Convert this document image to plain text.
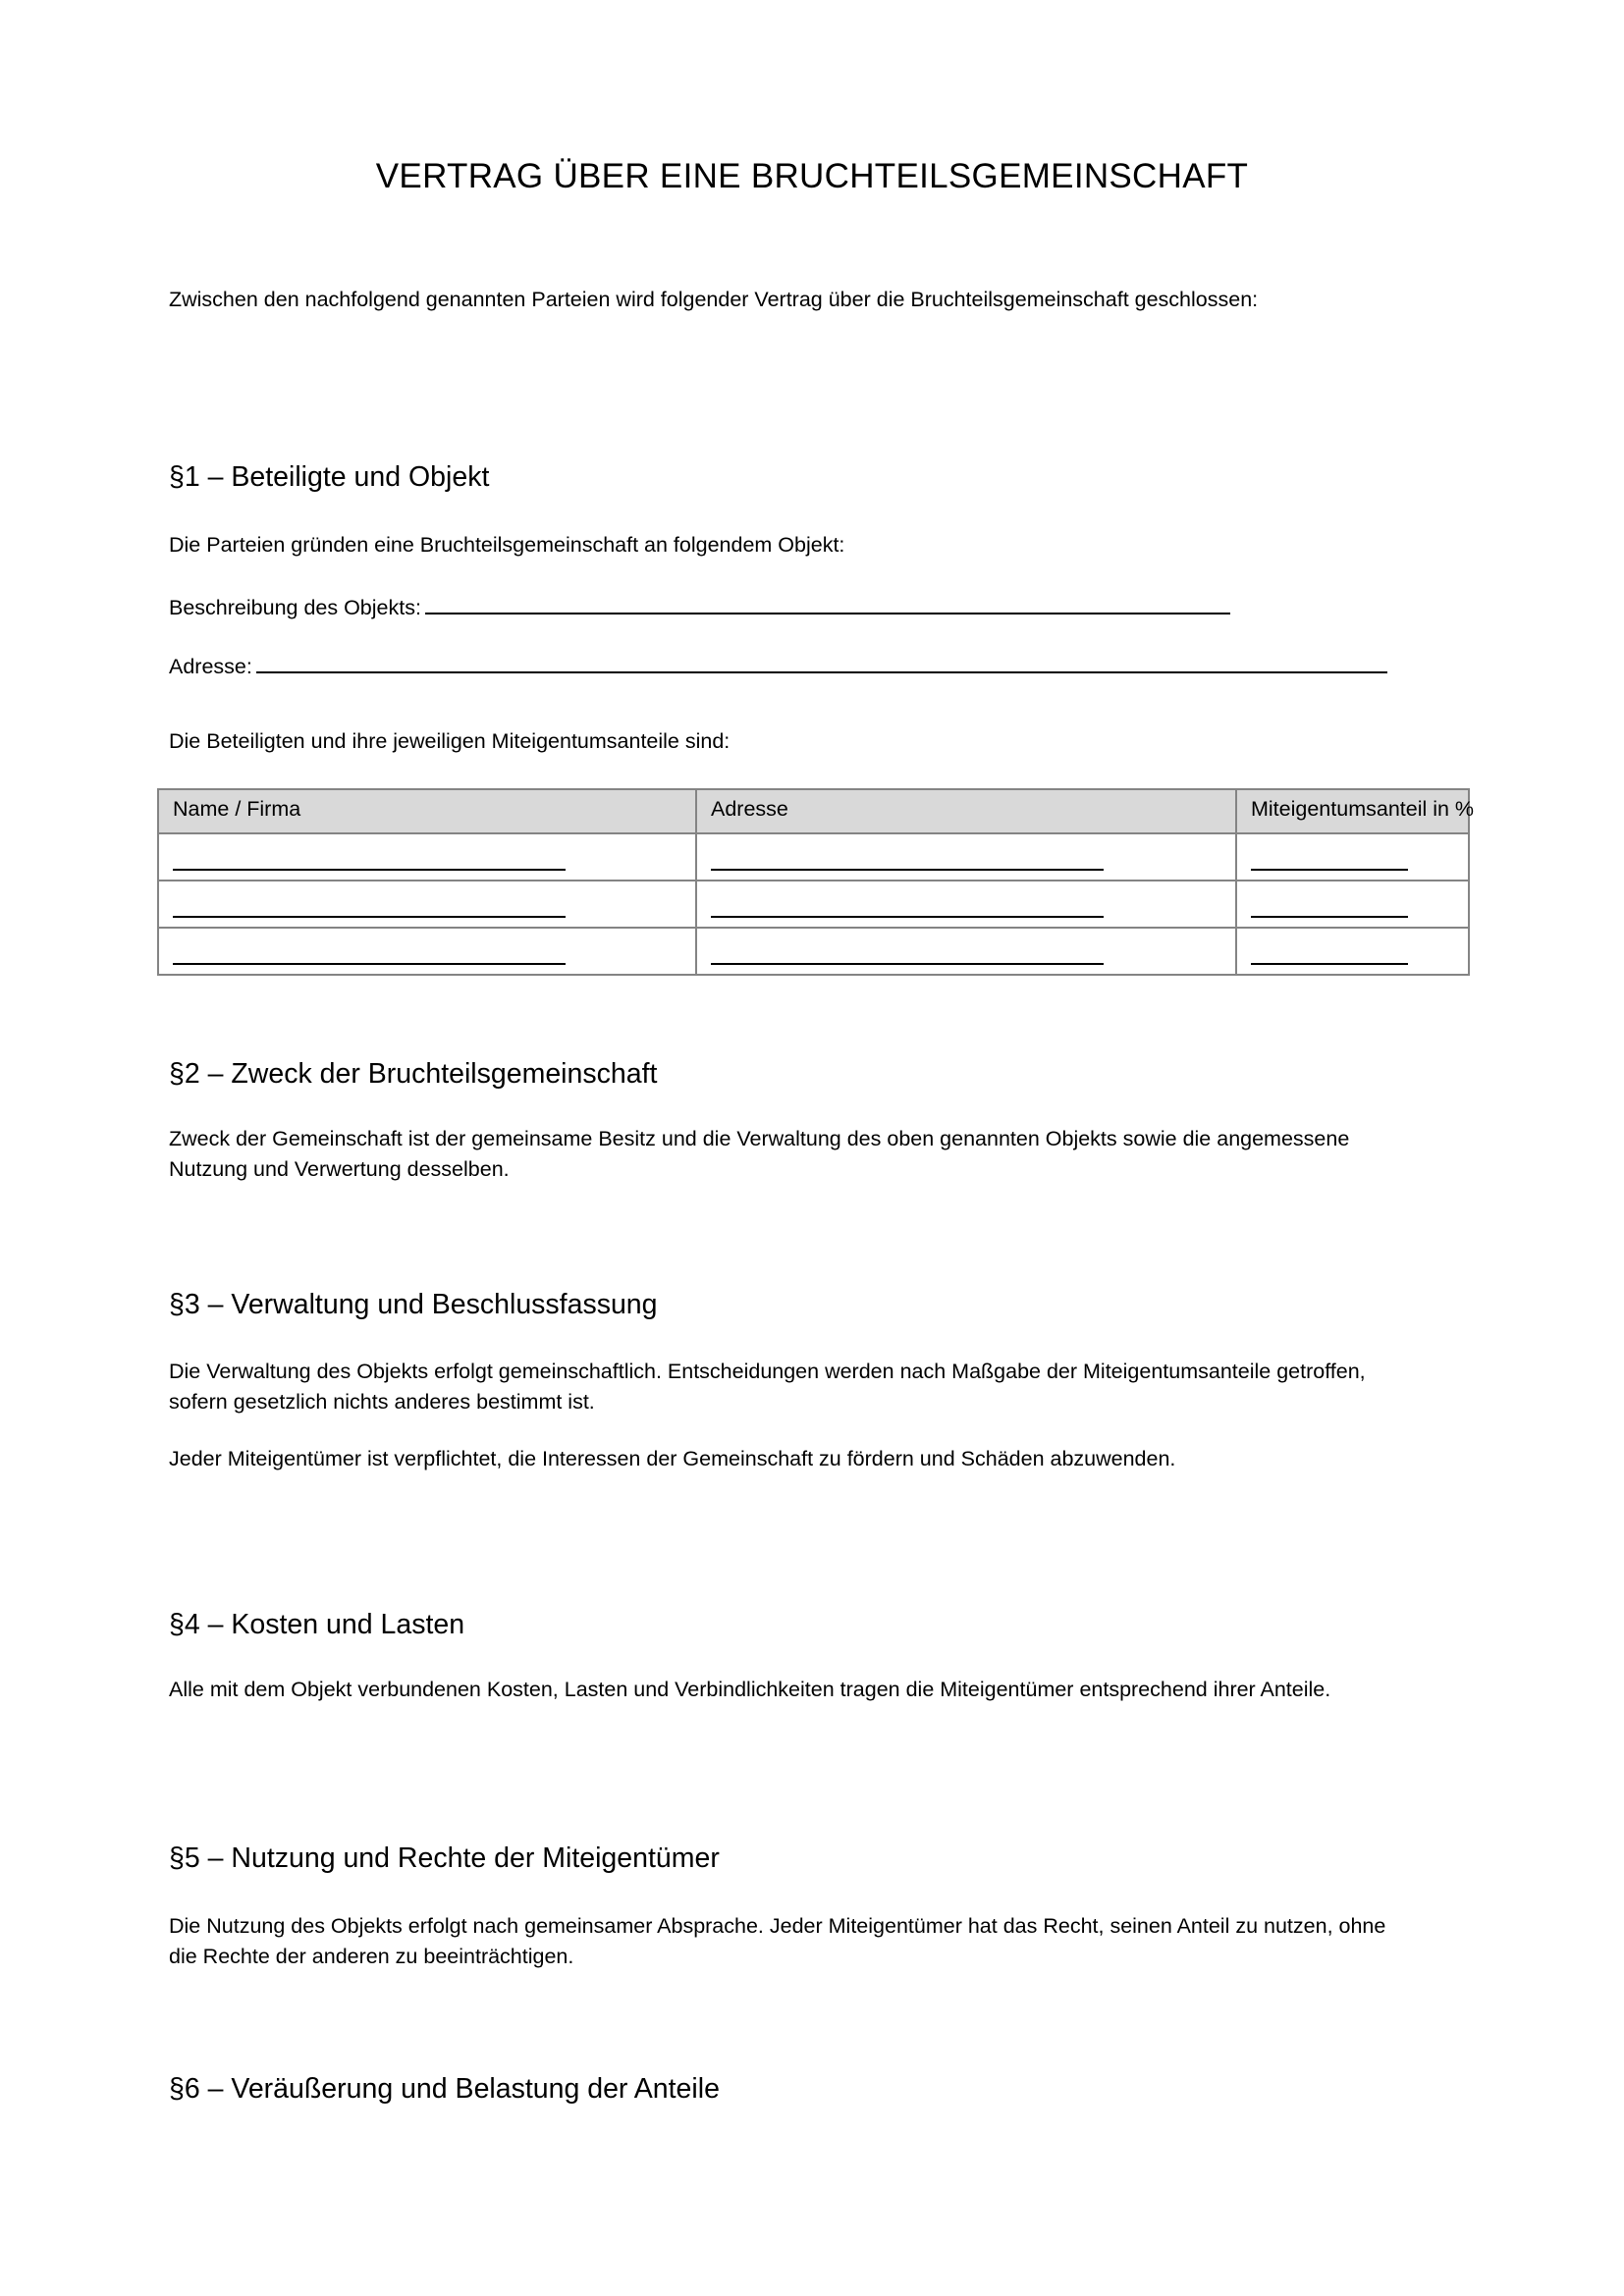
VERTRAG ÜBER EINE BRUCHTEILSGEMEINSCHAFT
Zwischen den nachfolgend genannten Parteien wird folgender Vertrag über die Bruchteilsgemeinschaft geschlossen:
§1 – Beteiligte und Objekt
Die Parteien gründen eine Bruchteilsgemeinschaft an folgendem Objekt:
Beschreibung des Objekts:
Adresse:
Die Beteiligten und ihre jeweiligen Miteigentumsanteile sind:
Name / Firma	Adresse	Miteigentumsanteil in %

§2 – Zweck der Bruchteilsgemeinschaft
Zweck der Gemeinschaft ist der gemeinsame Besitz und die Verwaltung des oben genannten Objekts sowie die angemessene Nutzung und Verwertung desselben.
§3 – Verwaltung und Beschlussfassung
Die Verwaltung des Objekts erfolgt gemeinschaftlich. Entscheidungen werden nach Maßgabe der Miteigentumsanteile getroffen, sofern gesetzlich nichts anderes bestimmt ist.
Jeder Miteigentümer ist verpflichtet, die Interessen der Gemeinschaft zu fördern und Schäden abzuwenden.
§4 – Kosten und Lasten
Alle mit dem Objekt verbundenen Kosten, Lasten und Verbindlichkeiten tragen die Miteigentümer entsprechend ihrer Anteile.
§5 – Nutzung und Rechte der Miteigentümer
Die Nutzung des Objekts erfolgt nach gemeinsamer Absprache. Jeder Miteigentümer hat das Recht, seinen Anteil zu nutzen, ohne die Rechte der anderen zu beeinträchtigen.
§6 – Veräußerung und Belastung der Anteile
